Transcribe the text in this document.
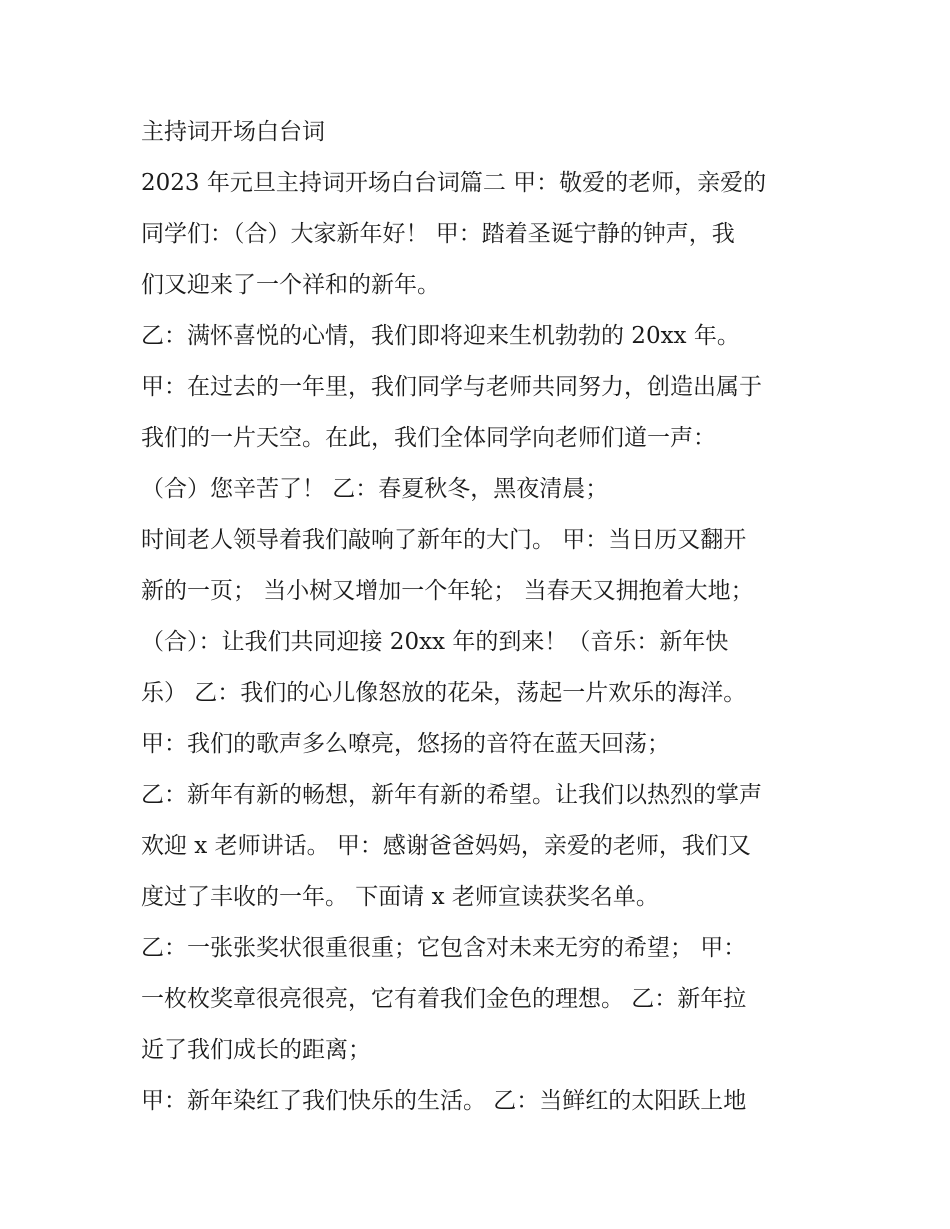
主持词开场白台词
2023 年元旦主持词开场白台词篇二 甲：敬爱的老师，亲爱的
同学们：（合）大家新年好！ 甲：踏着圣诞宁静的钟声，我
们又迎来了一个祥和的新年。
乙：满怀喜悦的心情，我们即将迎来生机勃勃的 20xx 年。
甲：在过去的一年里，我们同学与老师共同努力，创造出属于
我们的一片天空。在此，我们全体同学向老师们道一声：
（合）您辛苦了！ 乙：春夏秋冬，黑夜清晨；
时间老人领导着我们敲响了新年的大门。 甲：当日历又翻开
新的一页； 当小树又增加一个年轮； 当春天又拥抱着大地；
（合）：让我们共同迎接 20xx 年的到来！（音乐：新年快
乐） 乙：我们的心儿像怒放的花朵，荡起一片欢乐的海洋。
甲：我们的歌声多么嘹亮，悠扬的音符在蓝天回荡；
乙：新年有新的畅想，新年有新的希望。让我们以热烈的掌声
欢迎 x 老师讲话。 甲：感谢爸爸妈妈，亲爱的老师，我们又
度过了丰收的一年。 下面请 x 老师宣读获奖名单。
乙：一张张奖状很重很重；它包含对未来无穷的希望； 甲：
一枚枚奖章很亮很亮，它有着我们金色的理想。 乙：新年拉
近了我们成长的距离；
甲：新年染红了我们快乐的生活。 乙：当鲜红的太阳跃上地
